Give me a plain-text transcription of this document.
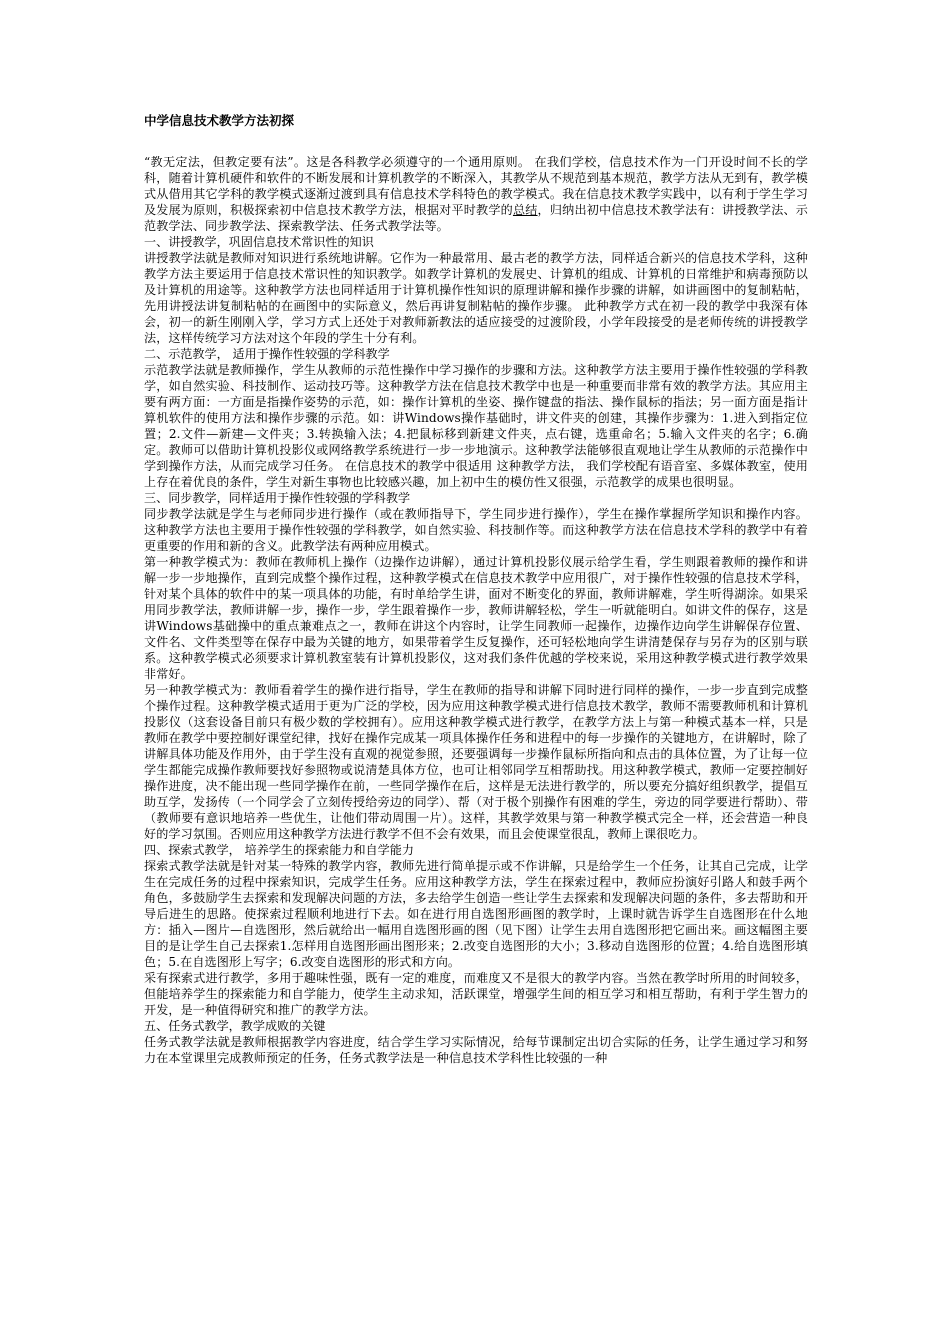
中学信息技术教学方法初探

“教无定法，但教定要有法”。这是各科教学必须遵守的一个通用原则。 在我们学校，信息技术作为一门开设时间不长的学科，随着计算机硬件和软件的不断发展和计算机教学的不断深入，其教学从不规范到基本规范，教学方法从无到有，教学模式从借用其它学科的教学模式逐渐过渡到具有信息技术学科特色的教学模式。我在信息技术教学实践中，以有利于学生学习及发展为原则，积极探索初中信息技术教学方法，根据对平时教学的总结，归纳出初中信息技术教学法有：讲授教学法、示范教学法、同步教学法、探索教学法、任务式教学法等。

一、讲授教学，巩固信息技术常识性的知识

讲授教学法就是教师对知识进行系统地讲解。它作为一种最常用、最古老的教学方法，同样适合新兴的信息技术学科，这种教学方法主要运用于信息技术常识性的知识教学。如教学计算机的发展史、计算机的组成、计算机的日常维护和病毒预防以及计算机的用途等。这种教学方法也同样适用于计算机操作性知识的原理讲解和操作步骤的讲解，如讲画图中的复制粘帖，先用讲授法讲复制粘帖的在画图中的实际意义，然后再讲复制粘帖的操作步骤。 此种教学方式在初一段的教学中我深有体会，初一的新生刚刚入学，学习方式上还处于对教师新教法的适应接受的过渡阶段，小学年段接受的是老师传统的讲授教学法，这样传统学习方法对这个年段的学生十分有利。

二、示范教学， 适用于操作性较强的学科教学

示范教学法就是教师操作，学生从教师的示范性操作中学习操作的步骤和方法。这种教学方法主要用于操作性较强的学科教学，如自然实验、科技制作、运动技巧等。这种教学方法在信息技术教学中也是一种重要而非常有效的教学方法。其应用主要有两方面：一方面是指操作姿势的示范，如：操作计算机的坐姿、操作键盘的指法、操作鼠标的指法；另一面方面是指计算机软件的使用方法和操作步骤的示范。如：讲Windows操作基础时，讲文件夹的创建，其操作步骤为：1.进入到指定位置；2.文件—新建—文件夹；3.转换输入法；4.把鼠标移到新建文件夹，点右键，选重命名；5.输入文件夹的名字；6.确定。教师可以借助计算机投影仪或网络教学系统进行一步一步地演示。这种教学法能够很直观地让学生从教师的示范操作中学到操作方法，从而完成学习任务。 在信息技术的教学中很适用 这种教学方法， 我们学校配有语音室、多媒体教室，使用上存在着优良的条件，学生对新生事物也比较感兴趣，加上初中生的模仿性又很强，示范教学的成果也很明显。

三、同步教学，同样适用于操作性较强的学科教学

同步教学法就是学生与老师同步进行操作（或在教师指导下，学生同步进行操作），学生在操作掌握所学知识和操作内容。这种教学方法也主要用于操作性较强的学科教学，如自然实验、科技制作等。而这种教学方法在信息技术学科的教学中有着更重要的作用和新的含义。此教学法有两种应用模式。

第一种教学模式为：教师在教师机上操作（边操作边讲解），通过计算机投影仪展示给学生看，学生则跟着教师的操作和讲解一步一步地操作，直到完成整个操作过程，这种教学模式在信息技术教学中应用很广，对于操作性较强的信息技术学科，针对某个具体的软件中的某一项具体的功能，有时单给学生讲，面对不断变化的界面，教师讲解难，学生听得湖涂。如果采用同步教学法，教师讲解一步，操作一步，学生跟着操作一步，教师讲解轻松，学生一听就能明白。如讲文件的保存，这是讲Windows基础操中的重点兼难点之一，教师在讲这个内容时，让学生同教师一起操作，边操作边向学生讲解保存位置、文件名、文件类型等在保存中最为关键的地方，如果带着学生反复操作，还可轻松地向学生讲清楚保存与另存为的区别与联系。这种教学模式必须要求计算机教室装有计算机投影仪，这对我们条件优越的学校来说，采用这种教学模式进行教学效果非常好。

另一种教学模式为：教师看着学生的操作进行指导，学生在教师的指导和讲解下同时进行同样的操作，一步一步直到完成整个操作过程。这种教学模式适用于更为广泛的学校，因为应用这种教学模式进行信息技术教学，教师不需要教师机和计算机投影仪（这套设备目前只有极少数的学校拥有）。应用这种教学模式进行教学，在教学方法上与第一种模式基本一样，只是教师在教学中要控制好课堂纪律，找好在操作完成某一项具体操作任务和进程中的每一步操作的关键地方，在讲解时，除了讲解具体功能及作用外，由于学生没有直观的视觉参照，还要强调每一步操作鼠标所指向和点击的具体位置，为了让每一位学生都能完成操作教师要找好参照物或说清楚具体方位，也可让相邻同学互相帮助找。用这种教学模式，教师一定要控制好操作进度，决不能出现一些同学操作在前，一些同学操作在后，这样是无法进行教学的，所以要充分搞好组织教学，提倡互助互学，发扬传（一个同学会了立刻传授给旁边的同学）、帮（对于极个别操作有困难的学生，旁边的同学要进行帮助）、带（教师要有意识地培养一些优生，让他们带动周围一片）。这样，其教学效果与第一种教学模式完全一样，还会营造一种良好的学习氛围。否则应用这种教学方法进行教学不但不会有效果，而且会使课堂很乱，教师上课很吃力。

四、探索式教学， 培养学生的探索能力和自学能力

探索式教学法就是针对某一特殊的教学内容，教师先进行简单提示或不作讲解，只是给学生一个任务，让其自己完成，让学生在完成任务的过程中探索知识，完成学生任务。应用这种教学方法，学生在探索过程中，教师应扮演好引路人和鼓手两个角色，多鼓励学生去探索和发现解决问题的方法，多去给学生创造一些让学生去探索和发现解决问题的条件，多去帮助和开导后进生的思路。使探索过程顺利地进行下去。如在进行用自选图形画图的教学时，上课时就告诉学生自选图形在什么地方：插入—图片—自选图形，然后就给出一幅用自选图形画的图（见下图）让学生去用自选图形把它画出来。画这幅图主要目的是让学生自己去探索1.怎样用自选图形画出图形来；2.改变自选图形的大小；3.移动自选图形的位置；4.给自选图形填色；5.在自选图形上写字；6.改变自选图形的形式和方向。

采有探索式进行教学，多用于趣味性强，既有一定的难度，而难度又不是很大的教学内容。当然在教学时所用的时间较多，但能培养学生的探索能力和自学能力，使学生主动求知，活跃课堂，增强学生间的相互学习和相互帮助，有利于学生智力的开发，是一种值得研究和推广的教学方法。

五、任务式教学，教学成败的关键

任务式教学法就是教师根据教学内容进度，结合学生学习实际情况，给每节课制定出切合实际的任务，让学生通过学习和努力在本堂课里完成教师预定的任务，任务式教学法是一种信息技术学科性比较强的一种
